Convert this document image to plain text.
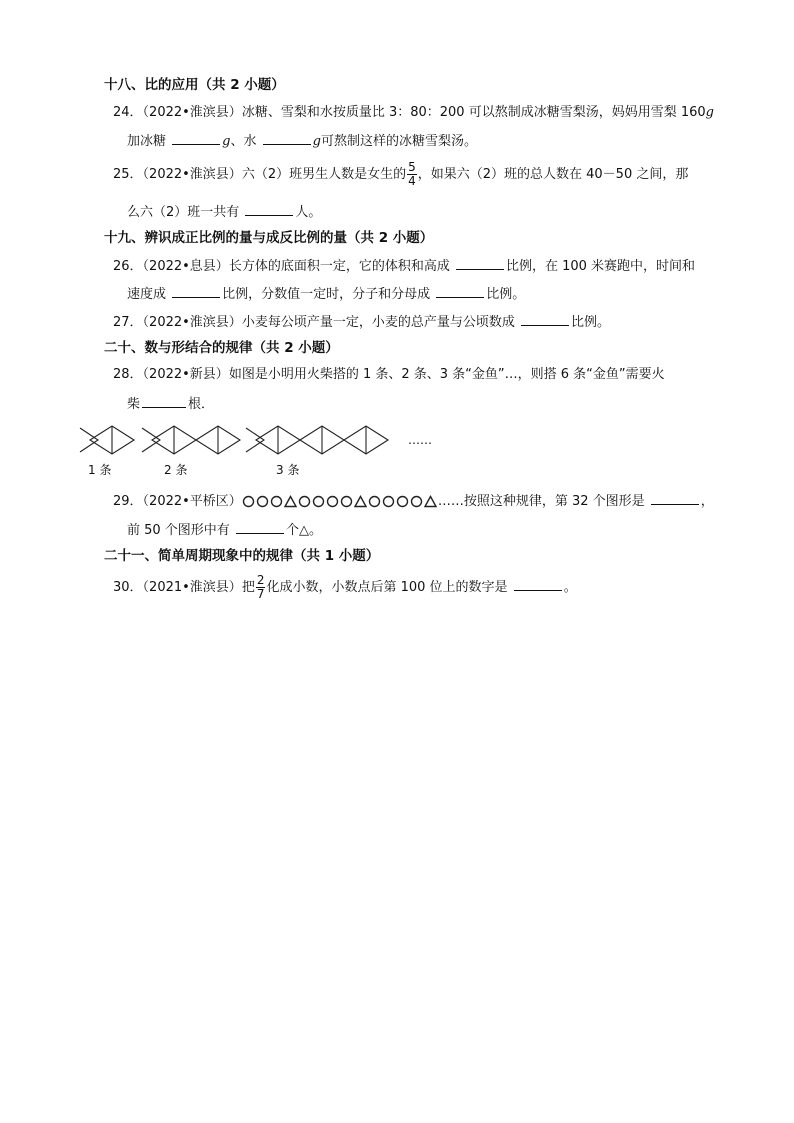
十八、比的应用（共 2 小题）
24．（2022•淮滨县）冰糖、雪梨和水按质量比 3：80：200 可以熬制成冰糖雪梨汤，妈妈用雪梨 160g
加冰糖	g、水	g可熬制这样的冰糖雪梨汤。
25．（2022•淮滨县）六（2）班男生人数是女生的 $\frac{5}{4}$ ，如果六（2）班的总人数在 40－50 之间，那
么六（2）班一共有	人。
十九、辨识成正比例的量与成反比例的量（共 2 小题）
26．（2022•息县）长方体的底面积一定，它的体积和高成	比例，在 100 米赛跑中，时间和
速度成	比例，分数值一定时，分子和分母成	比例。
27．（2022•淮滨县）小麦每公顷产量一定，小麦的总产量与公顷数成	比例。
二十、数与形结合的规律（共 2 小题）
28．（2022•新县）如图是小明用火柴搭的 1 条、2 条、3 条“金鱼”…，则搭 6 条“金鱼”需要火
柴	根．
1 条	2 条	3 条
……
29．（2022•平桥区）	……按照这种规律，第 32 个图形是	，
前 50 个图形中有	个△。
二十一、简单周期现象中的规律（共 1 小题）
30．（2021•淮滨县）把 $\frac{2}{7}$ 化成小数，小数点后第 100 位上的数字是	。
